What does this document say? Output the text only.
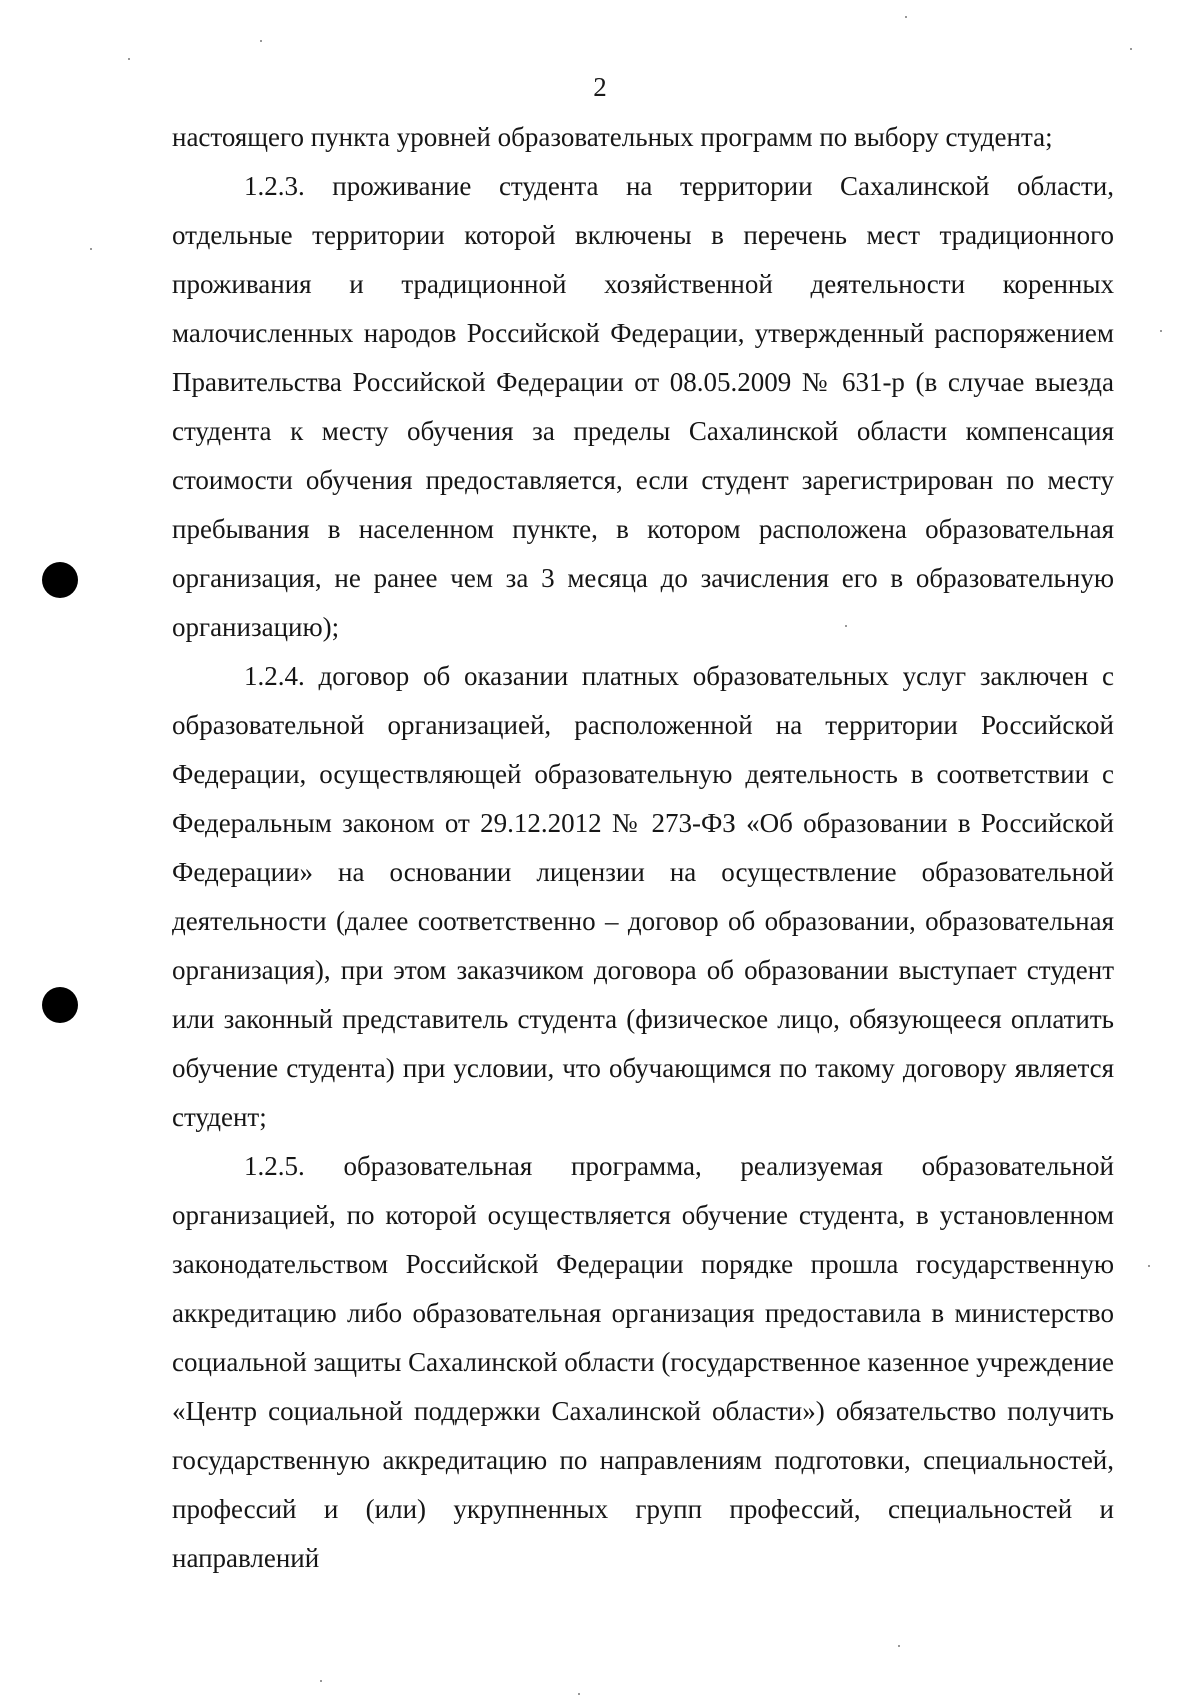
2

настоящего пункта уровней образовательных программ по выбору студента;

1.2.3. проживание студента на территории Сахалинской области, отдельные территории которой включены в перечень мест традиционного проживания и традиционной хозяйственной деятельности коренных малочисленных народов Российской Федерации, утвержденный распоряжением Правительства Российской Федерации от 08.05.2009 № 631-р (в случае выезда студента к месту обучения за пределы Сахалинской области компенсация стоимости обучения предоставляется, если студент зарегистрирован по месту пребывания в населенном пункте, в котором расположена образовательная организация, не ранее чем за 3 месяца до зачисления его в образовательную организацию);

1.2.4. договор об оказании платных образовательных услуг заключен с образовательной организацией, расположенной на территории Российской Федерации, осуществляющей образовательную деятельность в соответствии с Федеральным законом от 29.12.2012 № 273-ФЗ «Об образовании в Российской Федерации» на основании лицензии на осуществление образовательной деятельности (далее соответственно – договор об образовании, образовательная организация), при этом заказчиком договора об образовании выступает студент или законный представитель студента (физическое лицо, обязующееся оплатить обучение студента) при условии, что обучающимся по такому договору является студент;

1.2.5. образовательная программа, реализуемая образовательной организацией, по которой осуществляется обучение студента, в установленном законодательством Российской Федерации порядке прошла государственную аккредитацию либо образовательная организация предоставила в министерство социальной защиты Сахалинской области (государственное казенное учреждение «Центр социальной поддержки Сахалинской области») обязательство получить государственную аккредитацию по направлениям подготовки, специальностей, профессий и (или) укрупненных групп профессий, специальностей и направлений
